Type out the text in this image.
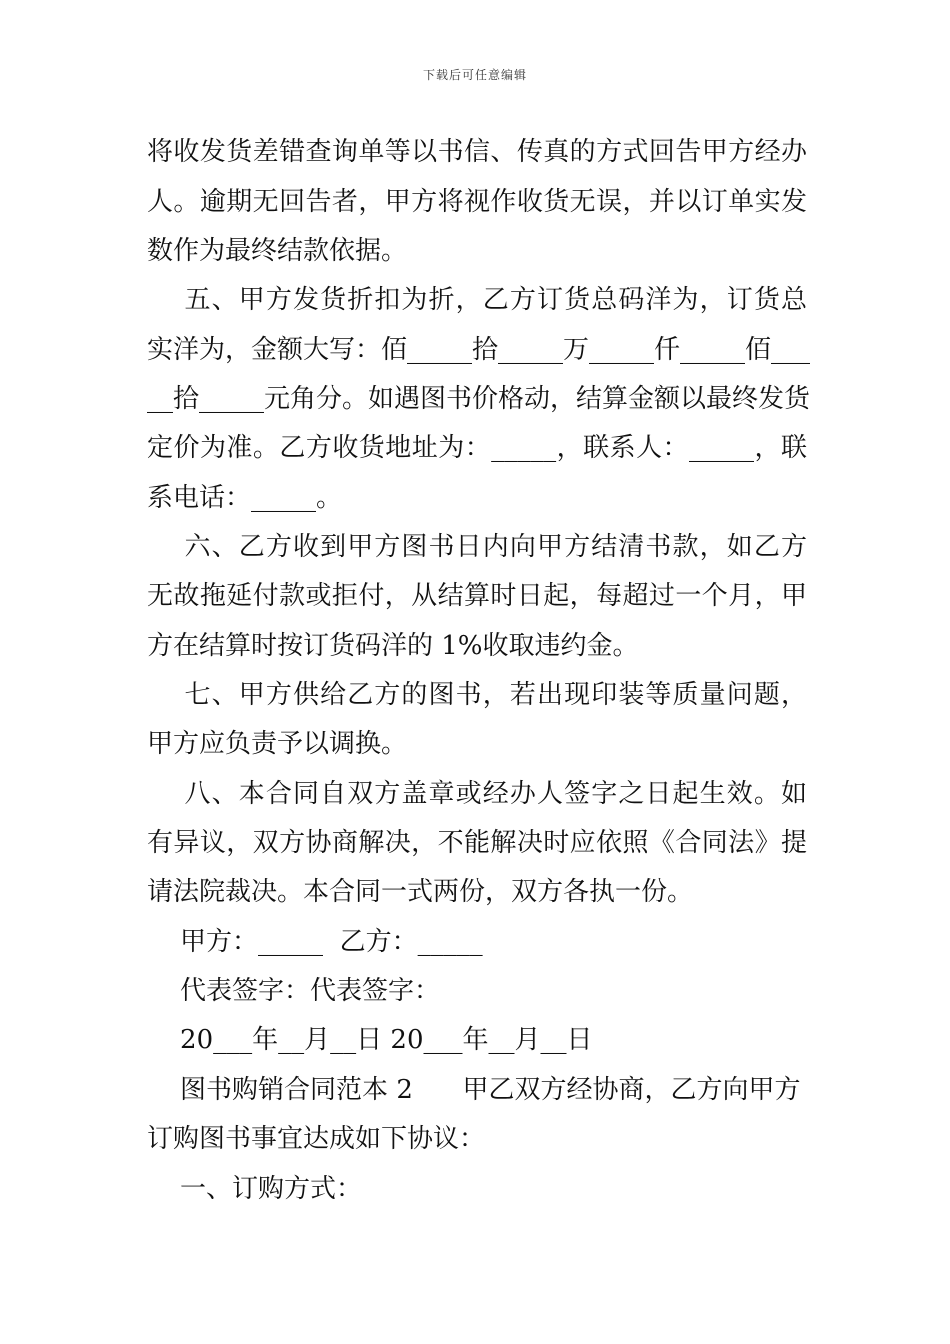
下载后可任意编辑
将收发货差错查询单等以书信、传真的方式回告甲方经办
人。逾期无回告者，甲方将视作收货无误，并以订单实发
数作为最终结款依据。
五、甲方发货折扣为折，乙方订货总码洋为，订货总
实洋为，金额大写：佰_____拾_____万_____仟_____佰___
__拾_____元角分。如遇图书价格动，结算金额以最终发货
定价为准。乙方收货地址为：_____，联系人：_____，联
系电话：_____。
六、乙方收到甲方图书日内向甲方结清书款，如乙方
无故拖延付款或拒付，从结算时日起，每超过一个月，甲
方在结算时按订货码洋的 1%收取违约金。
七、甲方供给乙方的图书，若出现印装等质量问题，
甲方应负责予以调换。
八、本合同自双方盖章或经办人签字之日起生效。如
有异议，双方协商解决，不能解决时应依照《合同法》提
请法院裁决。本合同一式两份，双方各执一份。
甲方：_____  乙方：_____
代表签字：代表签字：
20___年__月__日 20___年__月__日
图书购销合同范本 2      甲乙双方经协商，乙方向甲方
订购图书事宜达成如下协议：
一、订购方式：
